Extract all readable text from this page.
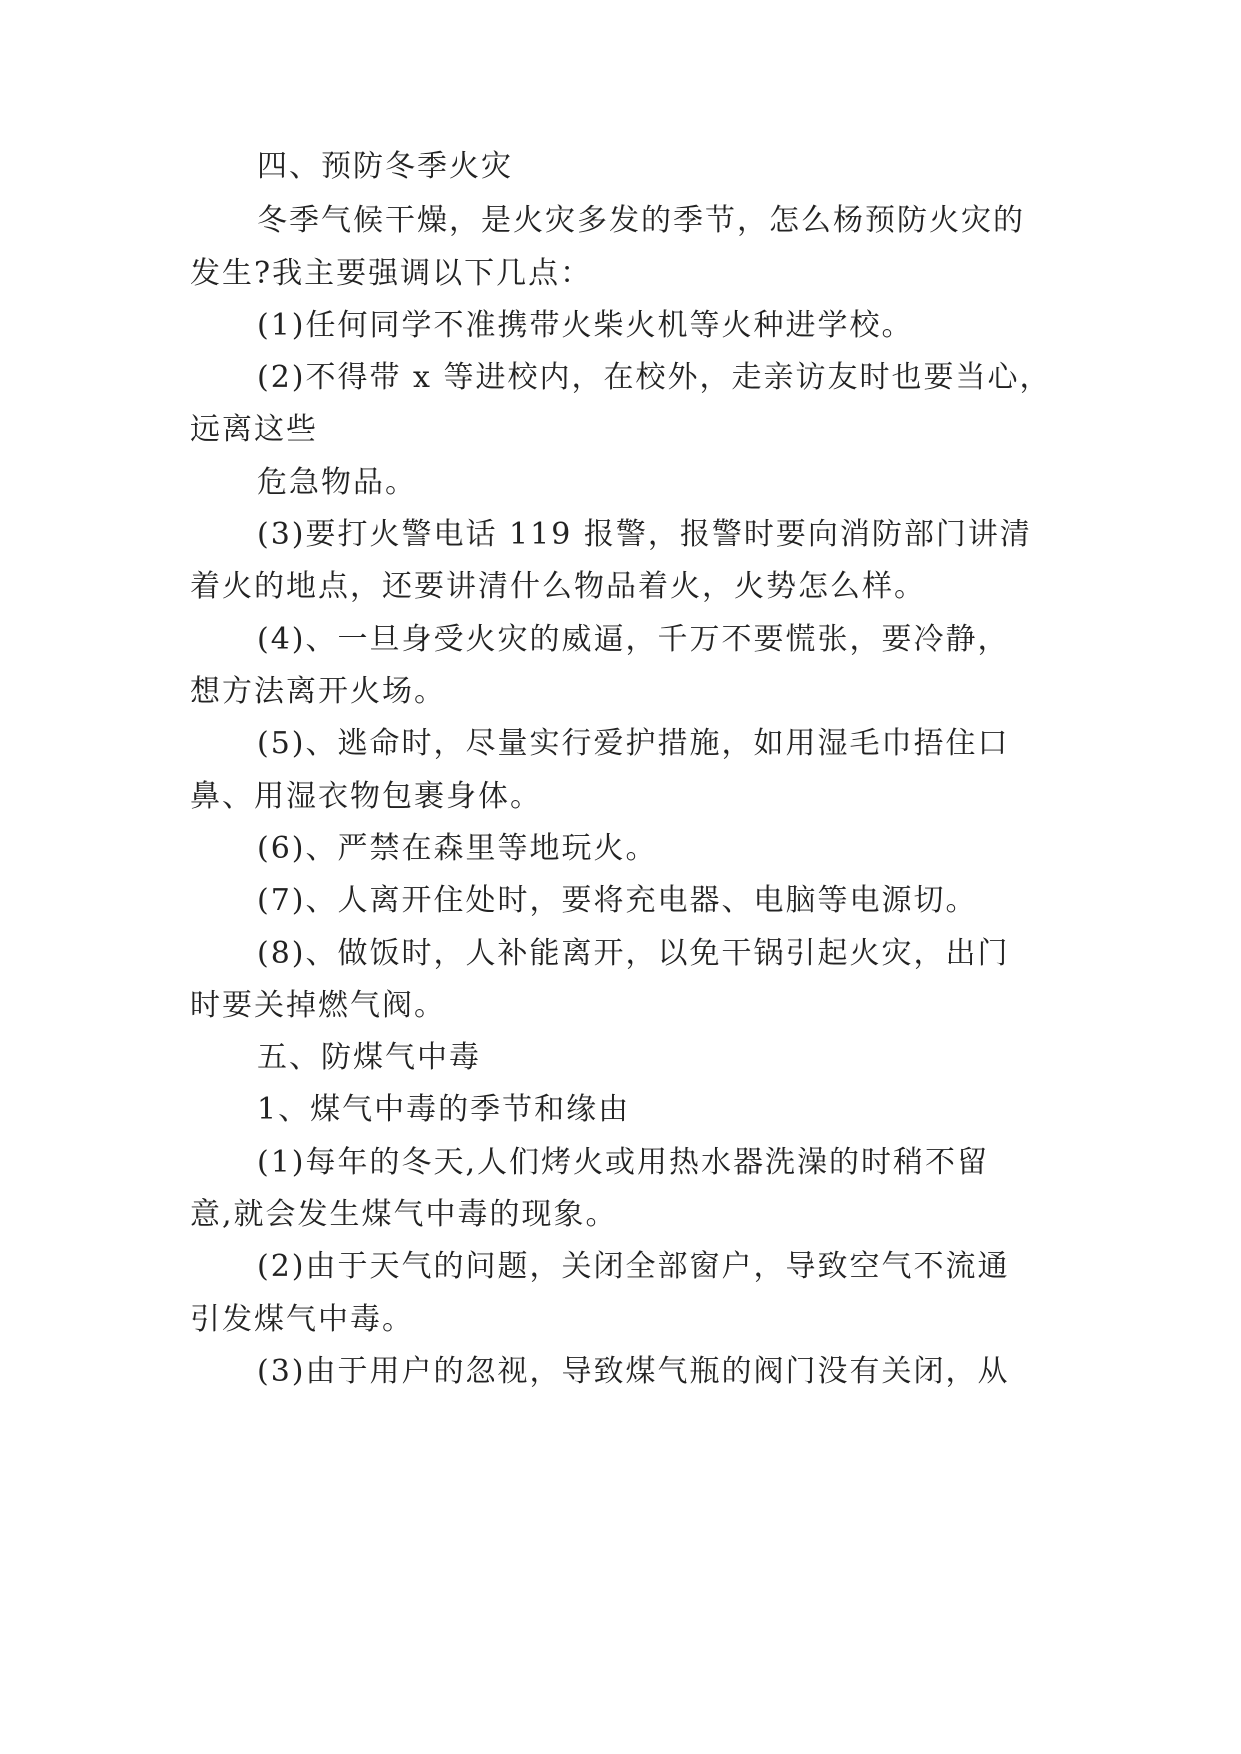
四、预防冬季火灾
冬季气候干燥，是火灾多发的季节，怎么杨预防火灾的
发生?我主要强调以下几点：
(1)任何同学不准携带火柴火机等火种进学校。
(2)不得带 x 等进校内，在校外，走亲访友时也要当心，
远离这些
危急物品。
(3)要打火警电话 119 报警，报警时要向消防部门讲清
着火的地点，还要讲清什么物品着火，火势怎么样。
(4)、一旦身受火灾的威逼，千万不要慌张，要冷静，
想方法离开火场。
(5)、逃命时，尽量实行爱护措施，如用湿毛巾捂住口
鼻、用湿衣物包裹身体。
(6)、严禁在森里等地玩火。
(7)、人离开住处时，要将充电器、电脑等电源切。
(8)、做饭时，人补能离开，以免干锅引起火灾，出门
时要关掉燃气阀。
五、防煤气中毒
1、煤气中毒的季节和缘由
(1)每年的冬天,人们烤火或用热水器洗澡的时稍不留
意,就会发生煤气中毒的现象。
(2)由于天气的问题，关闭全部窗户，导致空气不流通
引发煤气中毒。
(3)由于用户的忽视，导致煤气瓶的阀门没有关闭，从
